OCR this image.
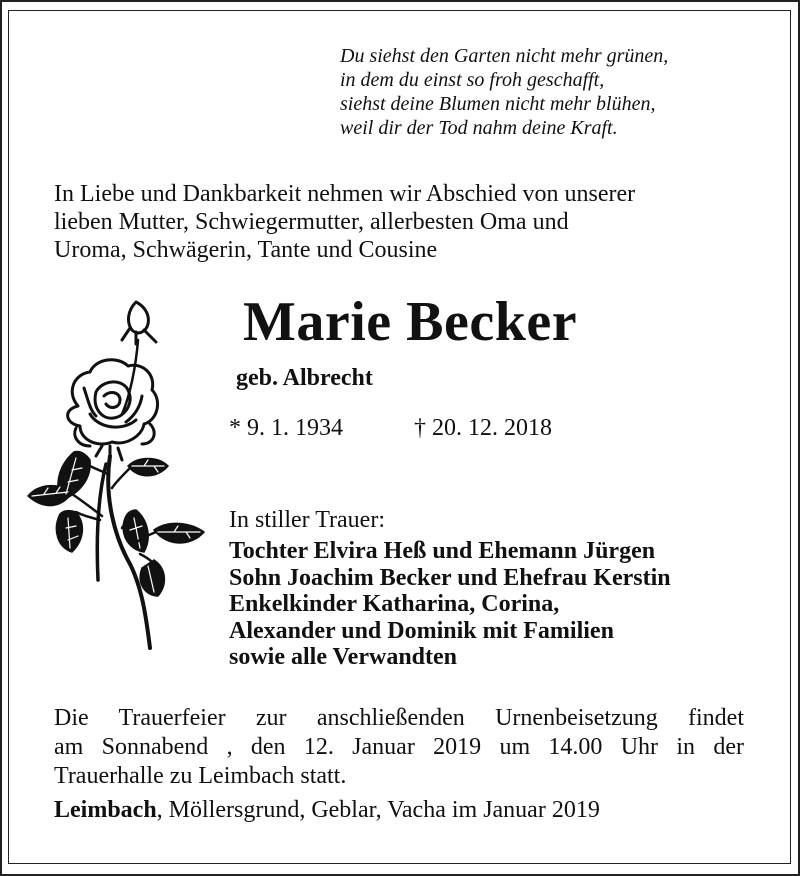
Du siehst den Garten nicht mehr grünen,
in dem du einst so froh geschafft,
siehst deine Blumen nicht mehr blühen,
weil dir der Tod nahm deine Kraft.
In Liebe und Dankbarkeit nehmen wir Abschied von unserer
lieben Mutter, Schwiegermutter, allerbesten Oma und
Uroma, Schwägerin, Tante und Cousine
Marie Becker
geb. Albrecht
* 9. 1. 1934	† 20. 12. 2018
In stiller Trauer:
Tochter Elvira Heß und Ehemann Jürgen
Sohn Joachim Becker und Ehefrau Kerstin
Enkelkinder Katharina, Corina,
Alexander und Dominik mit Familien
sowie alle Verwandten
Die Trauerfeier zur anschließenden Urnenbeisetzung findet
am Sonnabend , den 12. Januar 2019 um 14.00 Uhr in der
Trauerhalle zu Leimbach statt.
Leimbach, Möllersgrund, Geblar, Vacha im Januar 2019
